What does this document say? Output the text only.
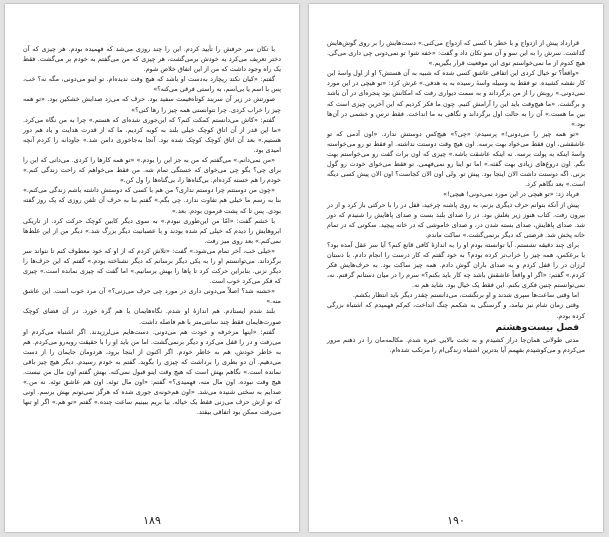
با تکان سر حرفش را تأیید کردم. این را چند روزی می‌شد که فهمیده بودم. هر چیزی که آن دختر تعریف می‌کرد به خودش برمی‌گشت، هر چیزی که من می‌گفتم به خودم بر می‌گشت. فقط یک راه وجود داشت که من از این اتفاق خلاص شوم.

گفتم: «کیان نکند ریچارد به‌دست او باشد که هیچ وقت ندیده‌ام. تو اینو می‌دونی، مگه نه؟ خب، پس با اسم یا بی‌اسم، به راستی فرقی می‌کنه؟»

صورتش در زیر آن سربند کوتاه‌قیمت سفید بود. حرف که می‌زد صدایش خشکین بود. «تو همه چیز را خراب کردی. چرا نتوانستی همه چیز را رها کنی؟»

گفتم: «کاش می‌دانستم کمکت کنم؟ که این‌جوری شده‌ای که هستم.» چرا به من نگاه می‌کرد. «ما این قدر از آن اتاق کوچک خیلی بلند به کوبه کردیم. ما که از قدرت هدایت و یاد هم دور هستیم.» بعد آن اتاق کوچک کوچک شده بود. آنجا به‌جاخوری دامن شد.» جاودانه را کردم آنچه امیدی بود.

«من نمی‌دانم.» می‌گفتم که من به جز این را بودم.» «تو همه کارها را کردی. می‌دانی که این را برای چی؟ بگو چی می‌خوای که خستگی تمام شه. من فقط می‌خواهم که راحت زندگی کنم.» خودم را هم خسته کرده‌ام. بی‌گناه‌ها را، بی‌گناه‌ها را ول کن.»

«چون من دوستتم چرا دوستم نداری؟ من هم با کسی که دوستش داشته باشم زندگی می‌کنم.» بنا به رسم ما خیلی هم تفاوت ندارد. چی بگم.» گفتم بنا به حرف آن تلفن روزی که یک روز گفته بودی. پس تا که پشت فرمون بودم. بعد.»

با خشم گفت: «امّا من این‌طوری نبودم.» به سوی دیگر کابین کوچک حرکت کرد. از تاریکی ابروهایش را دیدم که خیلی کم شده بودند و با عصبانیت دیگر بزرگ شد.» دیگر من از این غلط‌ها نمی‌کنم.» بعد روی میز رفت.

«خیلی خب، آخر تمام می‌شود.» گفت: «تلاش کردم که از او که خود معطوف کنم تا نتواند سر برگرداند. می‌توانستم او را به یکی دیگر برسانم که دیگر نشناخته بودم.» گفتم که این حرف‌ها را دیگر نزنی. بنابراین حرکت کرد تا پاها را بهش برسانیم.» اما گفت که چیزی نمانده است.» چیزی که فکر می‌کرد خوب است.

«خشنه شد؟ اصلاً می‌دونی داری در مورد چی حرف می‌زنی؟» آن مرد خوب است. این عاشق منه.»

بلند شدم ایستادم. هم اندازهٔ او شدم. نگاه‌هایمان با هم گره خورد. در آن فضای کوچک صورت‌هایمان فقط چند سانتی‌متر با هم فاصله داشت.

گفتم: «اینها مزخرفه و خودت هم می‌دونی. دست‌هایم می‌لرزیدند. اگر اشتباه می‌کردم او می‌رفت و در را قفل می‌کرد و دیگر برنمی‌گشت. اما من باید او را با حقیقت روبه‌رو می‌کردم. هم به خاطر خودش، هم به خاطر خودم. اگر اکنون از اینجا برود، هردومان جایمان را از دست می‌دهیم. آن دو بطری را برداشت که چیزی را بگوید. گفتم به خودم رسیدم. دیگر هیچ چیز باقی نمانده است.» نگاهم بهش است که هیچ وقت اینو قبول نمی‌کنه. بهش گفتم اون مال من نیست. هیچ وقت نبوده. اون مال منه، فهمیدی؟» گفتم: «اون مال توئه. اون هم عاشق توئه. نه من.» صدایم به سختی شنیده می‌شد. «اون هم‌خونه‌ی جوری شده که هرگز نمی‌تونم بهش برسم. اونی که تو ازش حرف می‌زنی فقط یک خیاله. بیا بریم ببینیم ساعت چنده.» گفتم «تو هم.» اگر او تنها می‌رفت ممکن بود اتفاقی بیفتد.

۱۸۹

قرارداد پیش از ازدواج و با خطر با کسی که ازدواج می‌کنی.» دست‌هایش را بر روی گوش‌هایش گذاشت. سرش را به این سو و آن سو تکان داد و گفت: «خفه شو! تو نمی‌دونی چی داری می‌گی. هیچ کدوم از ما نمی‌خواستم توی این موقعیت قرار بگیریم.»

«واقعاً؟ تو خیال کردی این اتفاقی عاشق کسی شده که شبیه به آن هستش؟ او از اول واسهٔ این کار نقشه کشیده. تو فقط یه وسیله واسهٔ رسیده به یه هدفی.» غرش کرد: «تو هیچی در این مورد نمی‌دونی.» روبش را از من برگرداند و به سمت دیواری رفت که امکانش بود پنجره‌ای در آن باشد و برگشت. «ما هیچ‌وقت باید این را آرامش کنیم. چون ما فکر کردیم که این آخرین چیزی است که بین ما هست.» آن را به حالت اول برگرداند و نگاهی به ما انداخت. فقط ترس و خشمی در آن‌ها بود.»

«تو همه چیز را می‌دونی!» پرسیدم: «چی؟» هیچ‌کس دوستش ندارد. «اون آدمی که تو عاشقشی، اون فقط می‌خواد بهت برسه. اون هیچ وقت دوستت نداشته. او فقط تو رو می‌خواسته واسهٔ اینکه به پولت برسه. نه اینکه عاشقت باشه.» چیزی که اون برات گفت رو می‌خواستم بهت بگم. اون دروغ‌های زیادی بهت گفته.» اما تو اینا رو نمی‌فهمی. تو فقط می‌خوای خودت رو گول بزنی. اگه دوستت داشت الان اینجا بود. پیش تو. ولی اون الان کجاست؟ اون الان پیش کسی دیگه است.» بعد نگاهم کرد.

فریاد زد: «تو هیچی در این مورد نمی‌دونی! هیچی!»

پیش از آنکه بتوانم حرف دیگری بزنم، به روی پاشنه چرخید، قفل در را با حرکتی باز کرد و از در بیرون رفت. کتاب هنوز زیر بغلش بود. در را صدای بلند بست و صدای پاهایش را شنیدم که دور شد. صدای پاهایش، صدای بسته شدن در، و صدای خاموشی که در خانه پیچید. سکوتی که در تمام خانه پخش شد. فرصتی که دیگر برنمی‌گشت.» ساکت ماندم.

برای چند دقیقه نشستم. آیا توانسته بودم او را به اندازهٔ کافی قانع کنم؟ آیا سر عقل آمده بود؟ یا برعکس، همه چیز را خراب‌تر کرده بودم؟ به خود گفتم که کار درست را انجام دادم. با دستان لرزان در را قفل کردم و به صدای باران گوش دادم. همه چیز ساکت بود. به حرف‌هایش فکر کردم.» گفتم: «اگر او واقعاً عاشقش باشد چه کار باید بکنم؟» سرم را در میان دستانم گرفتم. نه، نمی‌توانستم چنین فکری بکنم. این فقط یک خیال بود. شاید هم نه.

اما وقتی ساعت‌ها سپری شدند و او برنگشت، می‌دانستم چقدر دیگر باید انتظار بکشم.

وقتی زمان شام نیز نیامد، و گرسنگی به شکمم چنگ انداخت، کم‌کم فهمیدم که اشتباه بزرگی کرده بودم.

فصل بیست‌وهشتم

مدتی طولانی همان‌جا دراز کشیدم و به تخت بالایی خیره شدم. مکالمه‌مان را در ذهنم مرور می‌کردم و می‌کوشیدم بفهمم آیا بدترین اشتباه زندگی‌ام را مرتکب شده‌ام.

۱۹۰
